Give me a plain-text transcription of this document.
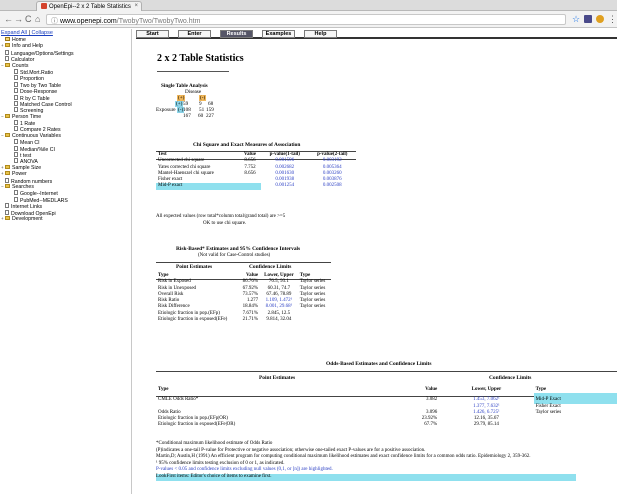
OpenEpi--2 x 2 Table Statistics ×
← → C ⌂	ⓘ www.openepi.com/TwobyTwo/TwobyTwo.htm	☆	⋮
Expand All | Collapse
Home
+ Info and Help
Language/Options/Settings
Calculator
− Counts
Std.Mort.Ratio
Proportion
Two by Two Table
Dose-Response
R by C Table
Matched Case Control
Screening
− Person Time
1 Rate
Compare 2 Rates
− Continuous Variables
Mean CI
Median/%ile CI
t test
ANOVA
+ Sample Size
+ Power
Random numbers
− Searches
Google--Internet
PubMed--MEDLARS
Internet Links
Download OpenEpi
+ Development
Start	Enter	Results	Examples	Help
2 x 2 Table Statistics
Single Table Analysis
Disease
(+)	(-)
(+) 59 9 68
Exposure (-) 108 51 159
167 60 227
Chi Square and Exact Measures of Association
Test	Value	p-value(1-tail)	p-value(2-tail)
Uncorrected chi square	8.656	0.001596	0.003192
Yates corrected chi square	7.752	0.002682	0.005364
Mantel-Haenszel chi square	8.656	0.001630	0.003260
Fisher exact		0.001938	0.003876
Mid-P exact		0.001254	0.002508
All expected values (row total*column total/grand total) are >=5
OK to use chi square.
Risk-Based* Estimates and 95% Confidence Intervals
(Not valid for Case-Control studies)
Point Estimates	Confidence Limits
Type	Value	Lower, Upper	Type
Risk in Exposed	86.76%	76.5, 93.1	Taylor series
Risk in Unexposed	67.92%	60.31, 74.7	Taylor series
Overall Risk	73.57%	67.46, 78.89	Taylor series
Risk Ratio	1.277	1.109, 1.472¹	Taylor series
Risk Difference	18.84%	8.001, 29.68¹	Taylor series
Etiologic fraction in pop.(EFp)	7.671%	2.845, 12.5	
Etiologic fraction in exposed(EFe)	21.71%	9.814, 32.04	
Odds-Based Estimates and Confidence Limits
Point Estimates	Confidence Limits
Type	Value	Lower, Upper	Type
CMLE Odds Ratio*	3.082	1.453, 7.062¹	Mid-P Exact
		1.377, 7.632¹	Fisher Exact
Odds Ratio	3.096	1.426, 6.725¹	Taylor series
Etiologic fraction in pop.(EFp|OR)	23.92%	12.16, 35.67	
Etiologic fraction in exposed(EFe|OR)	67.7%	29.79, 85.14	
*Conditional maximum likelihood estimate of Odds Ratio
(P)indicates a one-tail P-value for Protective or negative association; otherwise one-tailed exact P-values are for a positive association.
Martin,D; Austin,H (1991) An efficient program for computing conditional maximum likelihood estimates and exact confidence limits for a common odds ratio. Epidemiology 2, 359-362.
¹ 95% confidence limits testing exclusion of 0 or 1, as indicated.
P-values < 0.05 and confidence limits excluding null values (0,1, or [n]) are highlighted.
LookFirst items: Editor's choice of items to examine first.
